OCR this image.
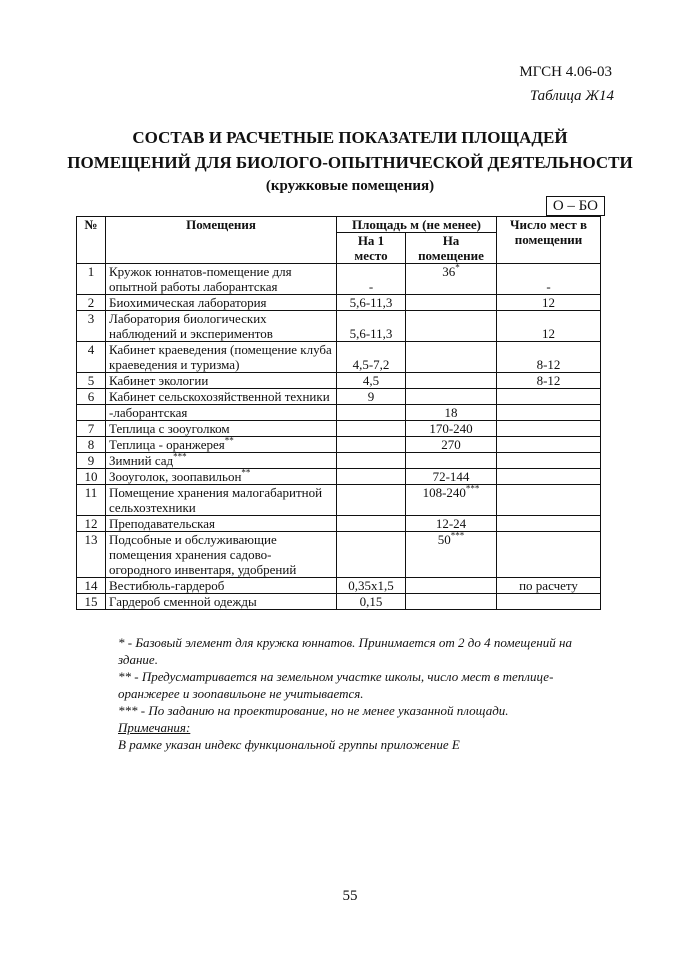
МГСН 4.06-03
Таблица Ж14
СОСТАВ И РАСЧЕТНЫЕ ПОКАЗАТЕЛИ ПЛОЩАДЕЙ
ПОМЕЩЕНИЙ ДЛЯ БИОЛОГО-ОПЫТНИЧЕСКОЙ ДЕЯТЕЛЬНОСТИ
(кружковые помещения)
О – БО
№	Помещения	Площадь м (не менее)		Число мест в помещении
		На 1 место	На помещение	
1	Кружок юннатов-помещение для опытной работы лаборантская	-	36*	-
2	Биохимическая лаборатория	5,6-11,3		12
3	Лаборатория биологических наблюдений и экспериментов	5,6-11,3		12
4	Кабинет краеведения (помещение клуба краеведения и туризма)	4,5-7,2		8-12
5	Кабинет экологии	4,5		8-12
6	Кабинет сельскохозяйственной техники	9		
	-лаборантская		18	
7	Теплица с зооуголком		170-240	
8	Теплица - оранжерея**		270	
9	Зимний сад***			
10	Зооуголок, зоопавильон**		72-144	
11	Помещение хранения малогабаритной сельхозтехники		108-240***	
12	Преподавательская		12-24	
13	Подсобные и обслуживающие помещения хранения садово-огородного инвентаря, удобрений		50***	
14	Вестибюль-гардероб	0,35x1,5		по расчету
15	Гардероб сменной одежды	0,15		

* - Базовый элемент для кружка юннатов. Принимается от 2 до 4 помещений на здание.

** - Предусматривается на земельном участке школы, число мест в теплице-оранжерее и зоопавильоне не учитывается.

*** - По заданию на проектирование, но не менее указанной площади.

Примечания:

В рамке указан индекс функциональной группы приложение Е

55
